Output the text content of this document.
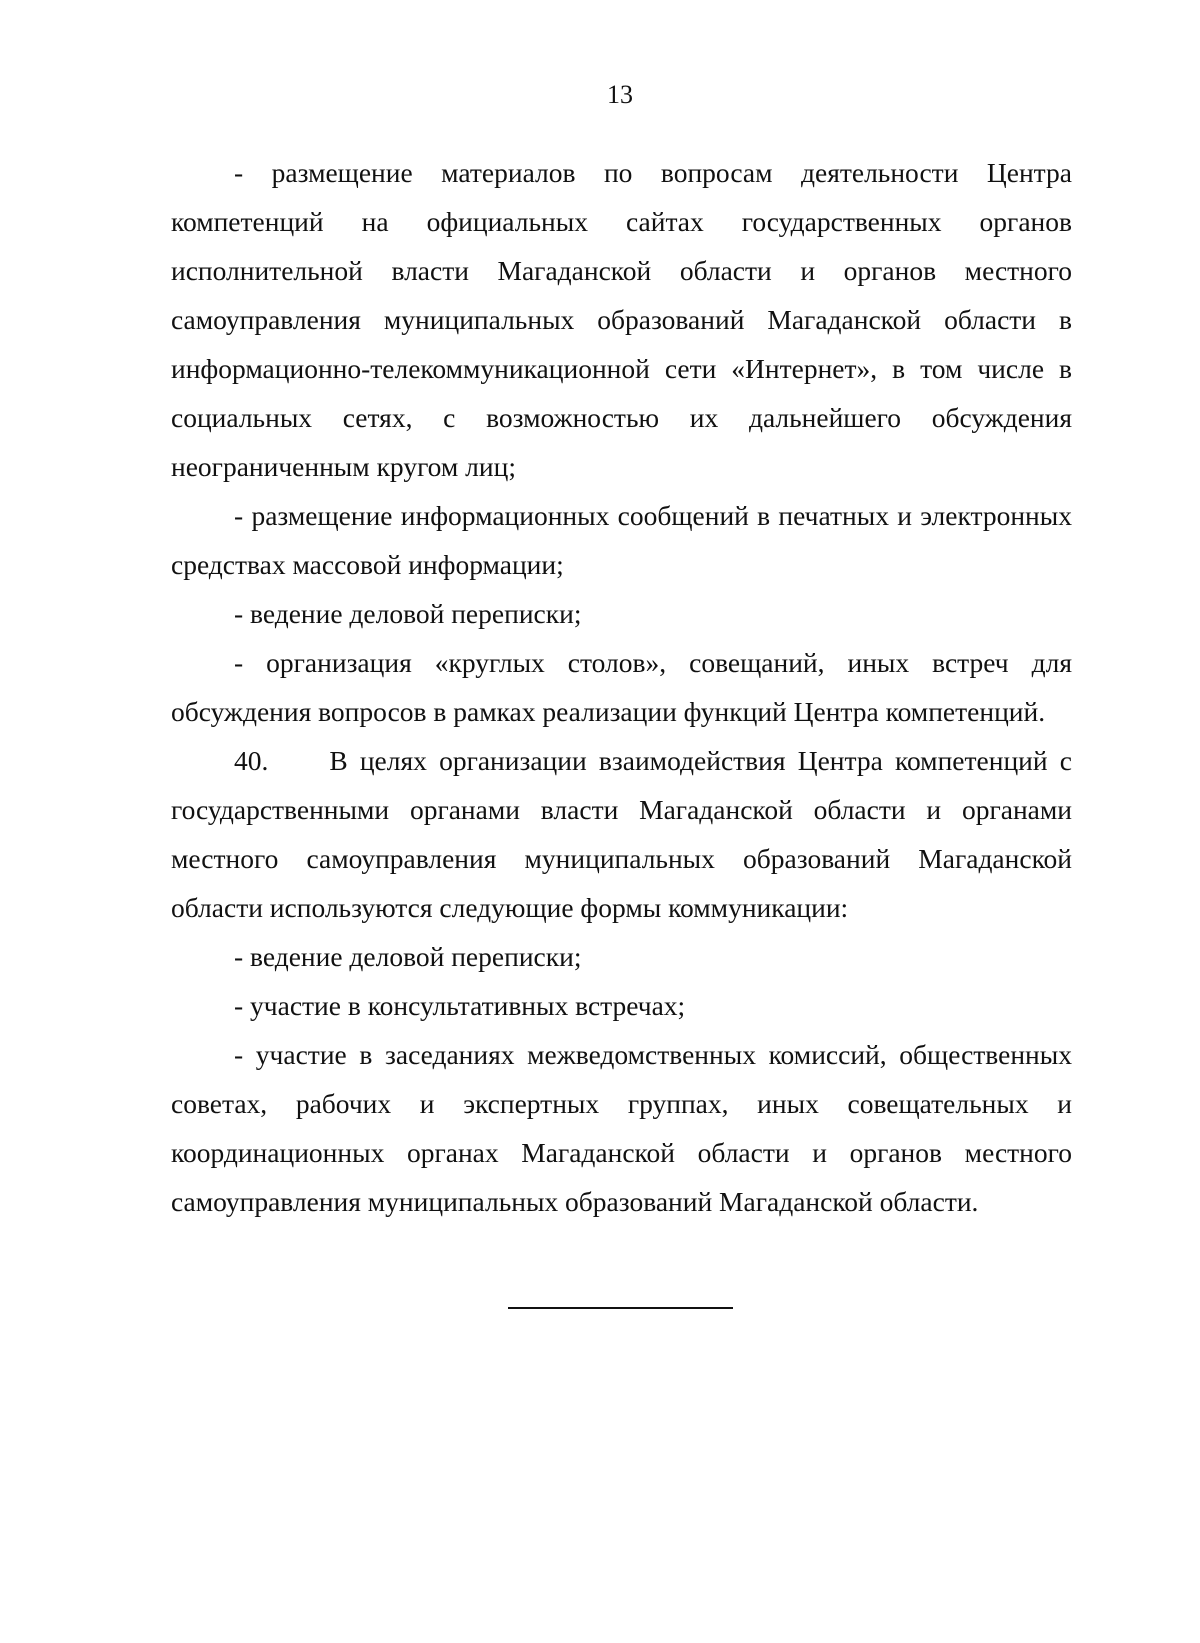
13

- размещение материалов по вопросам деятельности Центра компетенций на официальных сайтах государственных органов исполнительной власти Магаданской области и органов местного самоуправления муниципальных образований Магаданской области в информационно-телекоммуникационной сети «Интернет», в том числе в социальных сетях, с возможностью их дальнейшего обсуждения неограниченным кругом лиц;

- размещение информационных сообщений в печатных и электронных средствах массовой информации;

- ведение деловой переписки;

- организация «круглых столов», совещаний, иных встреч для обсуждения вопросов в рамках реализации функций Центра компетенций.

40.     В целях организации взаимодействия Центра компетенций с государственными органами власти Магаданской области и органами местного самоуправления муниципальных образований Магаданской области используются следующие формы коммуникации:

- ведение деловой переписки;

- участие в консультативных встречах;

- участие в заседаниях межведомственных комиссий, общественных советах, рабочих и экспертных группах, иных совещательных и координационных органах Магаданской области и органов местного самоуправления муниципальных образований Магаданской области.
